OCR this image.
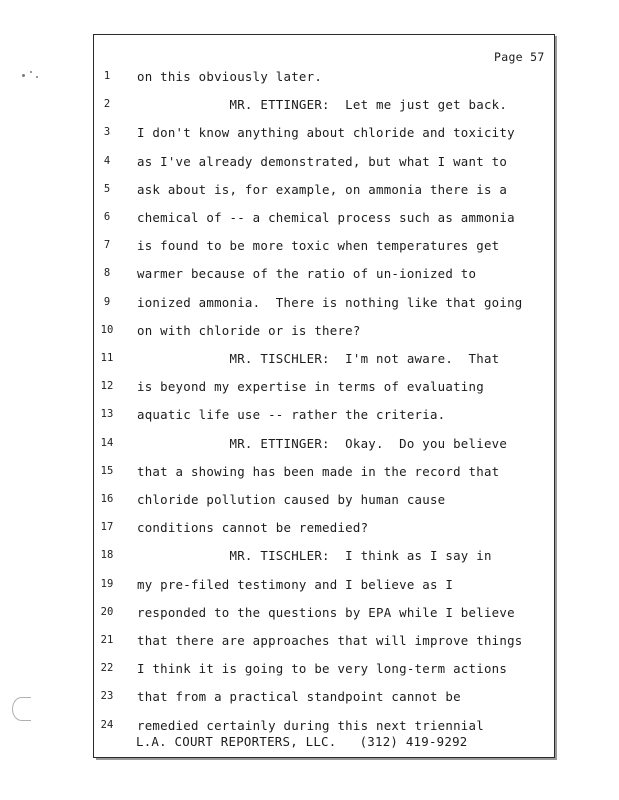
Page 57
1	on this obviously later.
2	MR. ETTINGER:  Let me just get back.
3	I don't know anything about chloride and toxicity
4	as I've already demonstrated, but what I want to
5	ask about is, for example, on ammonia there is a
6	chemical of -- a chemical process such as ammonia
7	is found to be more toxic when temperatures get
8	warmer because of the ratio of un-ionized to
9	ionized ammonia.  There is nothing like that going
10	on with chloride or is there?
11	MR. TISCHLER:  I'm not aware.  That
12	is beyond my expertise in terms of evaluating
13	aquatic life use -- rather the criteria.
14	MR. ETTINGER:  Okay.  Do you believe
15	that a showing has been made in the record that
16	chloride pollution caused by human cause
17	conditions cannot be remedied?
18	MR. TISCHLER:  I think as I say in
19	my pre-filed testimony and I believe as I
20	responded to the questions by EPA while I believe
21	that there are approaches that will improve things
22	I think it is going to be very long-term actions
23	that from a practical standpoint cannot be
24	remedied certainly during this next triennial
L.A. COURT REPORTERS, LLC.   (312) 419-9292
